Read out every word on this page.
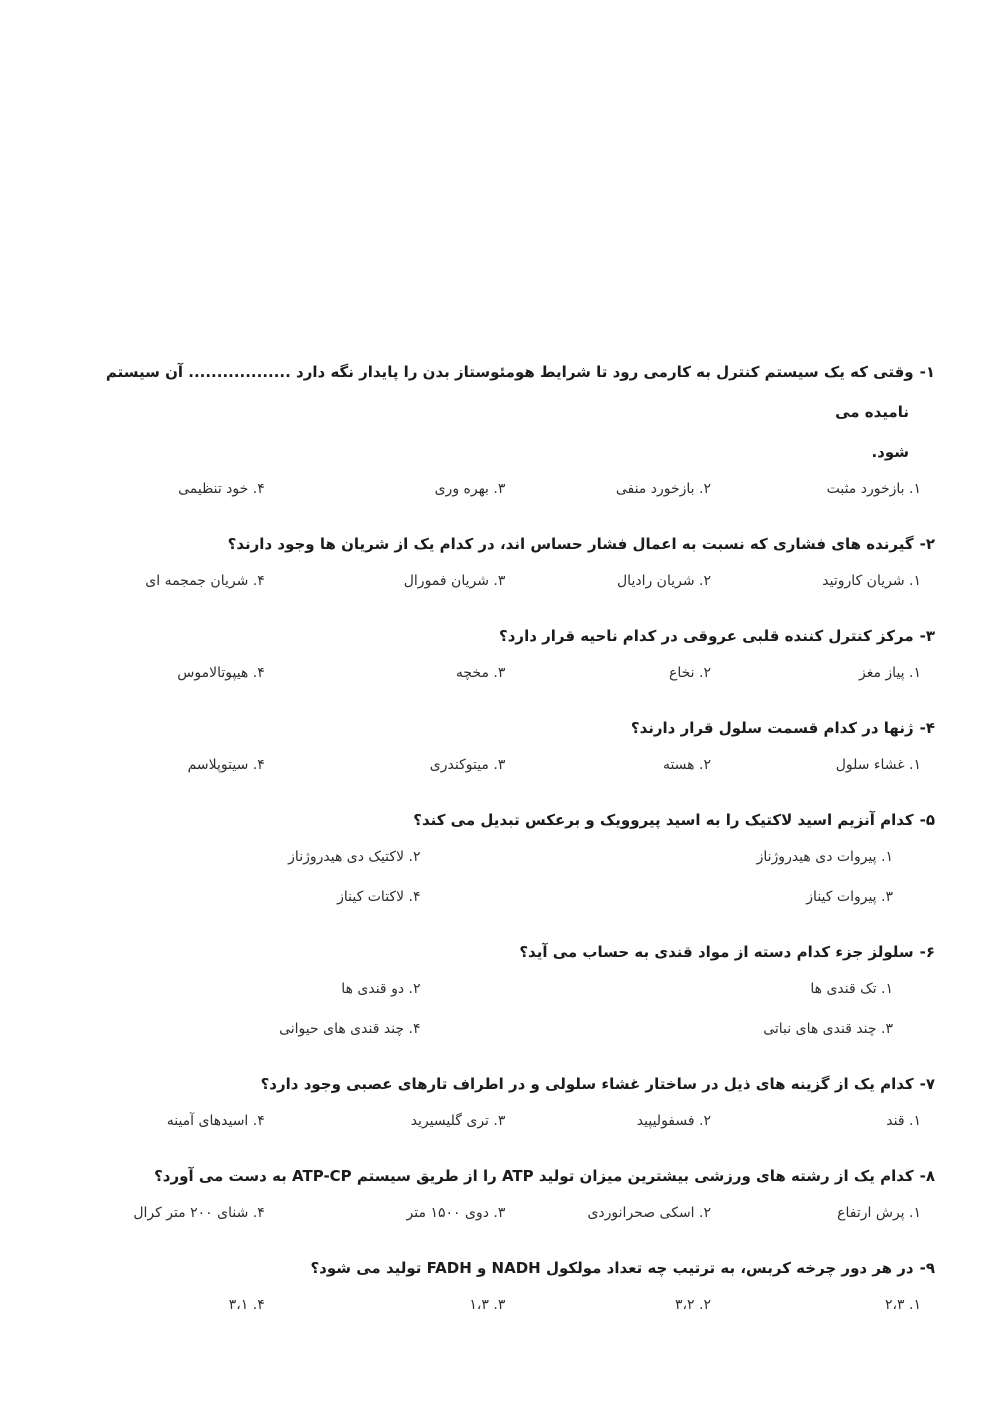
۱-وقتی که یک سیستم کنترل به کارمی رود تا شرایط هومئوستاز بدن را پایدار نگه دارد .................. آن سیستم نامیده می
شود.
۱. بازخورد مثبت
۲. بازخورد منفی
۳. بهره وری
۴. خود تنظیمی
۲-گیرنده های فشاری که نسبت به اعمال فشار حساس اند، در کدام یک از شریان ها وجود دارند؟
۱. شریان کاروتید
۲. شریان رادیال
۳. شریان فمورال
۴. شریان جمجمه ای
۳-مرکز کنترل کننده قلبی عروقی در کدام ناحیه قرار دارد؟
۱. پیاز مغز
۲. نخاع
۳. مخچه
۴. هیپوتالاموس
۴-ژنها در کدام قسمت سلول قرار دارند؟
۱. غشاء سلول
۲. هسته
۳. میتوکندری
۴. سیتوپلاسم
۵-کدام آنزیم اسید لاکتیک را به اسید پیروویک و برعکس تبدیل می کند؟
۱. پیروات دی هیدروژناز
۲. لاکتیک دی هیدروژناز
۳. پیروات کیناز
۴. لاکتات کیناز
۶-سلولز جزء کدام دسته از مواد قندی به حساب می آید؟
۱. تک قندی ها
۲. دو قندی ها
۳. چند قندی های نباتی
۴. چند قندی های حیوانی
۷-کدام یک از گزینه های ذیل در ساختار غشاء سلولی و در اطراف تارهای عصبی وجود دارد؟
۱. قند
۲. فسفولیپید
۳. تری گلیسیرید
۴. اسیدهای آمینه
۸-کدام یک از رشته های ورزشی بیشترین میزان تولید ATP را از طریق سیستم ATP-CP به دست می آورد؟
۱. پرش ارتفاع
۲. اسکی صحرانوردی
۳. دوی ۱۵۰۰ متر
۴. شنای ۲۰۰ متر کرال
۹-در هر دور چرخه کربس، به ترتیب چه تعداد مولکول NADH و FADH تولید می شود؟
۱. ۲،۳
۲. ۳،۲
۳. ۱،۳
۴. ۳،۱
